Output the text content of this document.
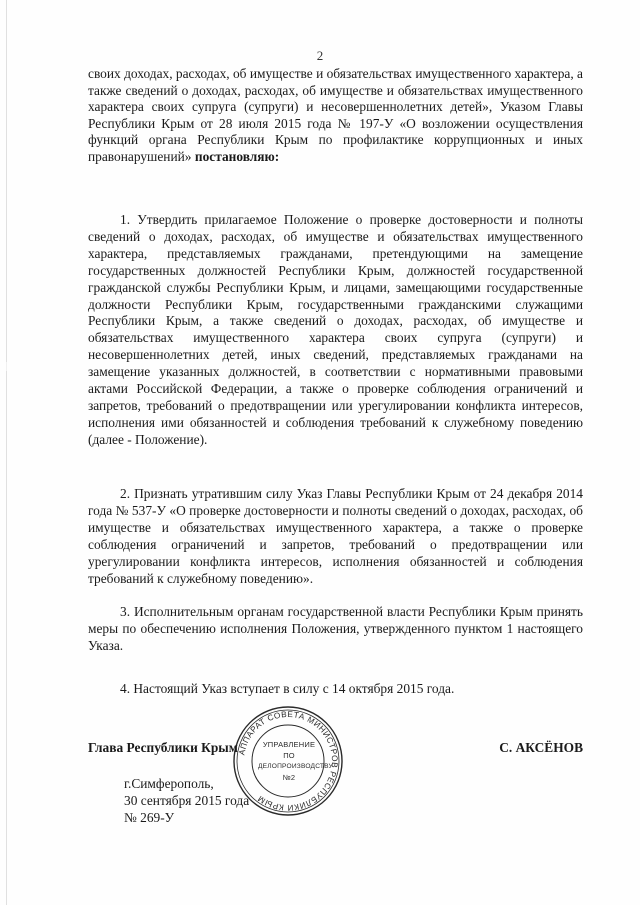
2
своих доходах, расходах, об имуществе и обязательствах имущественного характера, а также сведений о доходах, расходах, об имуществе и обязательствах имущественного характера своих супруга (супруги) и несовершеннолетних детей», Указом Главы Республики Крым от 28 июля 2015 года № 197-У «О возложении осуществления функций органа Республики Крым по профилактике коррупционных и иных правонарушений» постановляю:
1. Утвердить прилагаемое Положение о проверке достоверности и полноты сведений о доходах, расходах, об имуществе и обязательствах имущественного характера, представляемых гражданами, претендующими на замещение государственных должностей Республики Крым, должностей государственной гражданской службы Республики Крым, и лицами, замещающими государственные должности Республики Крым, государственными гражданскими служащими Республики Крым, а также сведений о доходах, расходах, об имуществе и обязательствах имущественного характера своих супруга (супруги) и несовершеннолетних детей, иных сведений, представляемых гражданами на замещение указанных должностей, в соответствии с нормативными правовыми актами Российской Федерации, а также о проверке соблюдения ограничений и запретов, требований о предотвращении или урегулировании конфликта интересов, исполнения ими обязанностей и соблюдения требований к служебному поведению (далее - Положение).
2. Признать утратившим силу Указ Главы Республики Крым от 24 декабря 2014 года № 537-У «О проверке достоверности и полноты сведений о доходах, расходах, об имуществе и обязательствах имущественного характера, а также о проверке соблюдения ограничений и запретов, требований о предотвращении или урегулировании конфликта интересов, исполнения обязанностей и соблюдения требований к служебному поведению».
3. Исполнительным органам государственной власти Республики Крым принять меры по обеспечению исполнения Положения, утвержденного пунктом 1 настоящего Указа.
4. Настоящий Указ вступает в силу с 14 октября 2015 года.
АППАРАТ СОВЕТА МИНИСТРОВ РЕСПУБЛИКИ КРЫМ
УПРАВЛЕНИЕ
ПО
ДЕЛОПРОИЗВОДСТВУ
№2
Глава Республики Крым	С. АКСЁНОВ
г.Симферополь,
30 сентября 2015 года
№ 269-У
